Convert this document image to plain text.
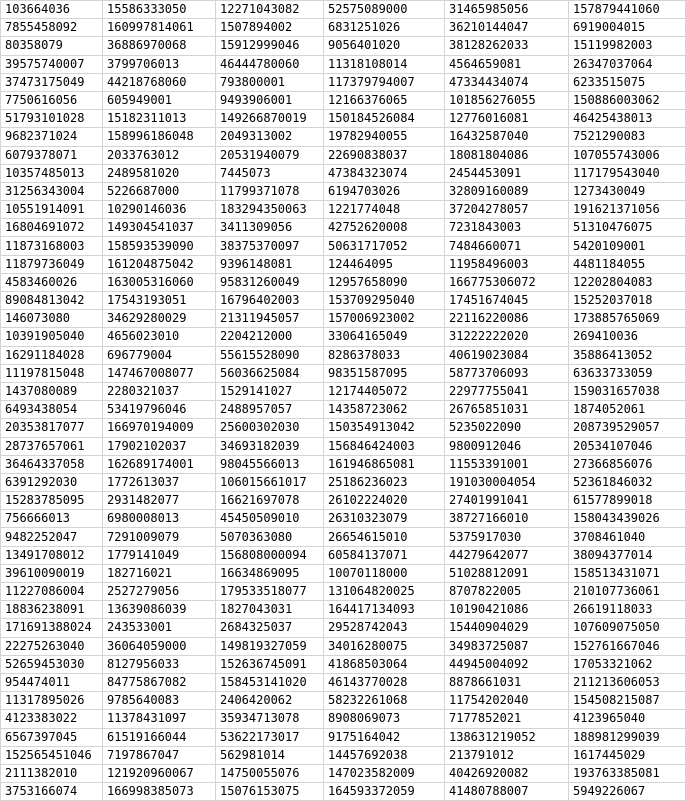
103664036	15586333050	12271043082	52575089000	31465985056	157879441060
7855458092	160997814061	1507894002	6831251026	36210144047	6919004015
80358079	36886970068	15912999046	9056401020	38128262033	15119982003
39575740007	3799706013	46444780060	11318108014	4564659081	26347037064
37473175049	44218768060	793800001	117379794007	47334434074	6233515075
7750616056	605949001	9493906001	12166376065	101856276055	150886003062
51793101028	15182311013	149266870019	150184526084	12776016081	46425438013
9682371024	158996186048	2049313002	19782940055	16432587040	7521290083
6079378071	2033763012	20531940079	22690838037	18081804086	107055743006
10357485013	2489581020	7445073	47384323074	2454453091	117179543040
31256343004	5226687000	11799371078	6194703026	32809160089	1273430049
10551914091	10290146036	183294350063	1221774048	37204278057	191621371056
16804691072	149304541037	3411309056	42752620008	7231843003	51310476075
11873168003	158593539090	38375370097	50631717052	7484660071	5420109001
11879736049	161204875042	9396148081	124464095	11958496003	4481184055
4583460026	163005316060	95831260049	12957658090	166775306072	12202804083
89084813042	17543193051	16796402003	153709295040	17451674045	15252037018
146073080	34629280029	21311945057	157006923002	22116220086	173885765069
10391905040	4656023010	2204212000	33064165049	31222222020	269410036
16291184028	696779004	55615528090	8286378033	40619023084	35886413052
11197815048	147467008077	56036625084	98351587095	58773706093	63633733059
1437080089	2280321037	1529141027	12174405072	22977755041	159031657038
6493438054	53419796046	2488957057	14358723062	26765851031	1874052061
20353817077	166970194009	25600302030	150354913042	5235022090	208739529057
28737657061	17902102037	34693182039	156846424003	9800912046	20534107046
36464337058	162689174001	98045566013	161946865081	11553391001	27366856076
6391292030	1772613037	106015661017	25186236023	191030004054	52361846032
15283785095	2931482077	16621697078	26102224020	27401991041	61577899018
756666013	6980008013	45450509010	26310323079	38727166010	158043439026
9482252047	7291009079	5070363080	26654615010	5375917030	3708461040
13491708012	1779141049	156808000094	60584137071	44279642077	38094377014
39610090019	182716021	16634869095	10070118000	51028812091	158513431071
11227086004	2527279056	179533518077	131064820025	8707822005	210107736061
18836238091	13639086039	1827043031	164417134093	10190421086	26619118033
171691388024	243533001	2684325037	29528742043	15440904029	107609075050
22275263040	36064059000	149819327059	34016280075	34983725087	152761667046
52659453030	8127956033	152636745091	41868503064	44945004092	17053321062
954474011	84775867082	158453141020	46143770028	8878661031	211213606053
11317895026	9785640083	2406420062	58232261068	11754202040	154508215087
4123383022	11378431097	35934713078	8908069073	7177852021	4123965040
6567397045	61519166044	53622173017	9175164042	138631219052	188981299039
152565451046	7197867047	562981014	14457692038	213791012	1617445029
2111382010	121920960067	14750055076	147023582009	40426920082	193763385081
3753166074	166998385073	15076153075	164593372059	41480788007	5949226067
